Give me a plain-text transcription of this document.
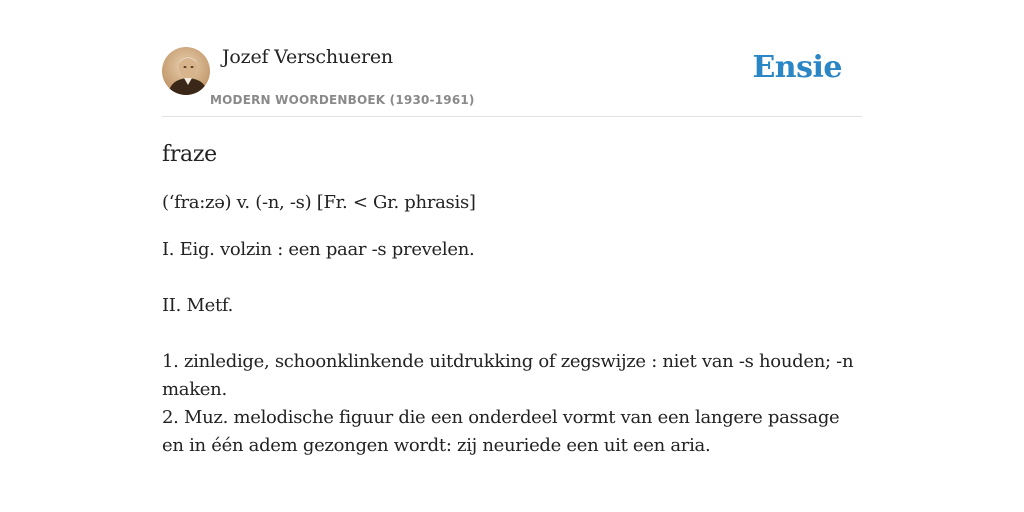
Jozef Verschueren
MODERN WOORDENBOEK (1930-1961)
Ensie
fraze
(‘fra:zə) v. (-n, -s) [Fr. < Gr. phrasis]

I. Eig. volzin : een paar -s prevelen.

II. Metf.

1. zinledige, schoonklinkende uitdrukking of zegswijze : niet van -s houden; -n maken.

2. Muz. melodische figuur die een onderdeel vormt van een langere passage en in één adem gezongen wordt: zij neuriede een uit een aria.
